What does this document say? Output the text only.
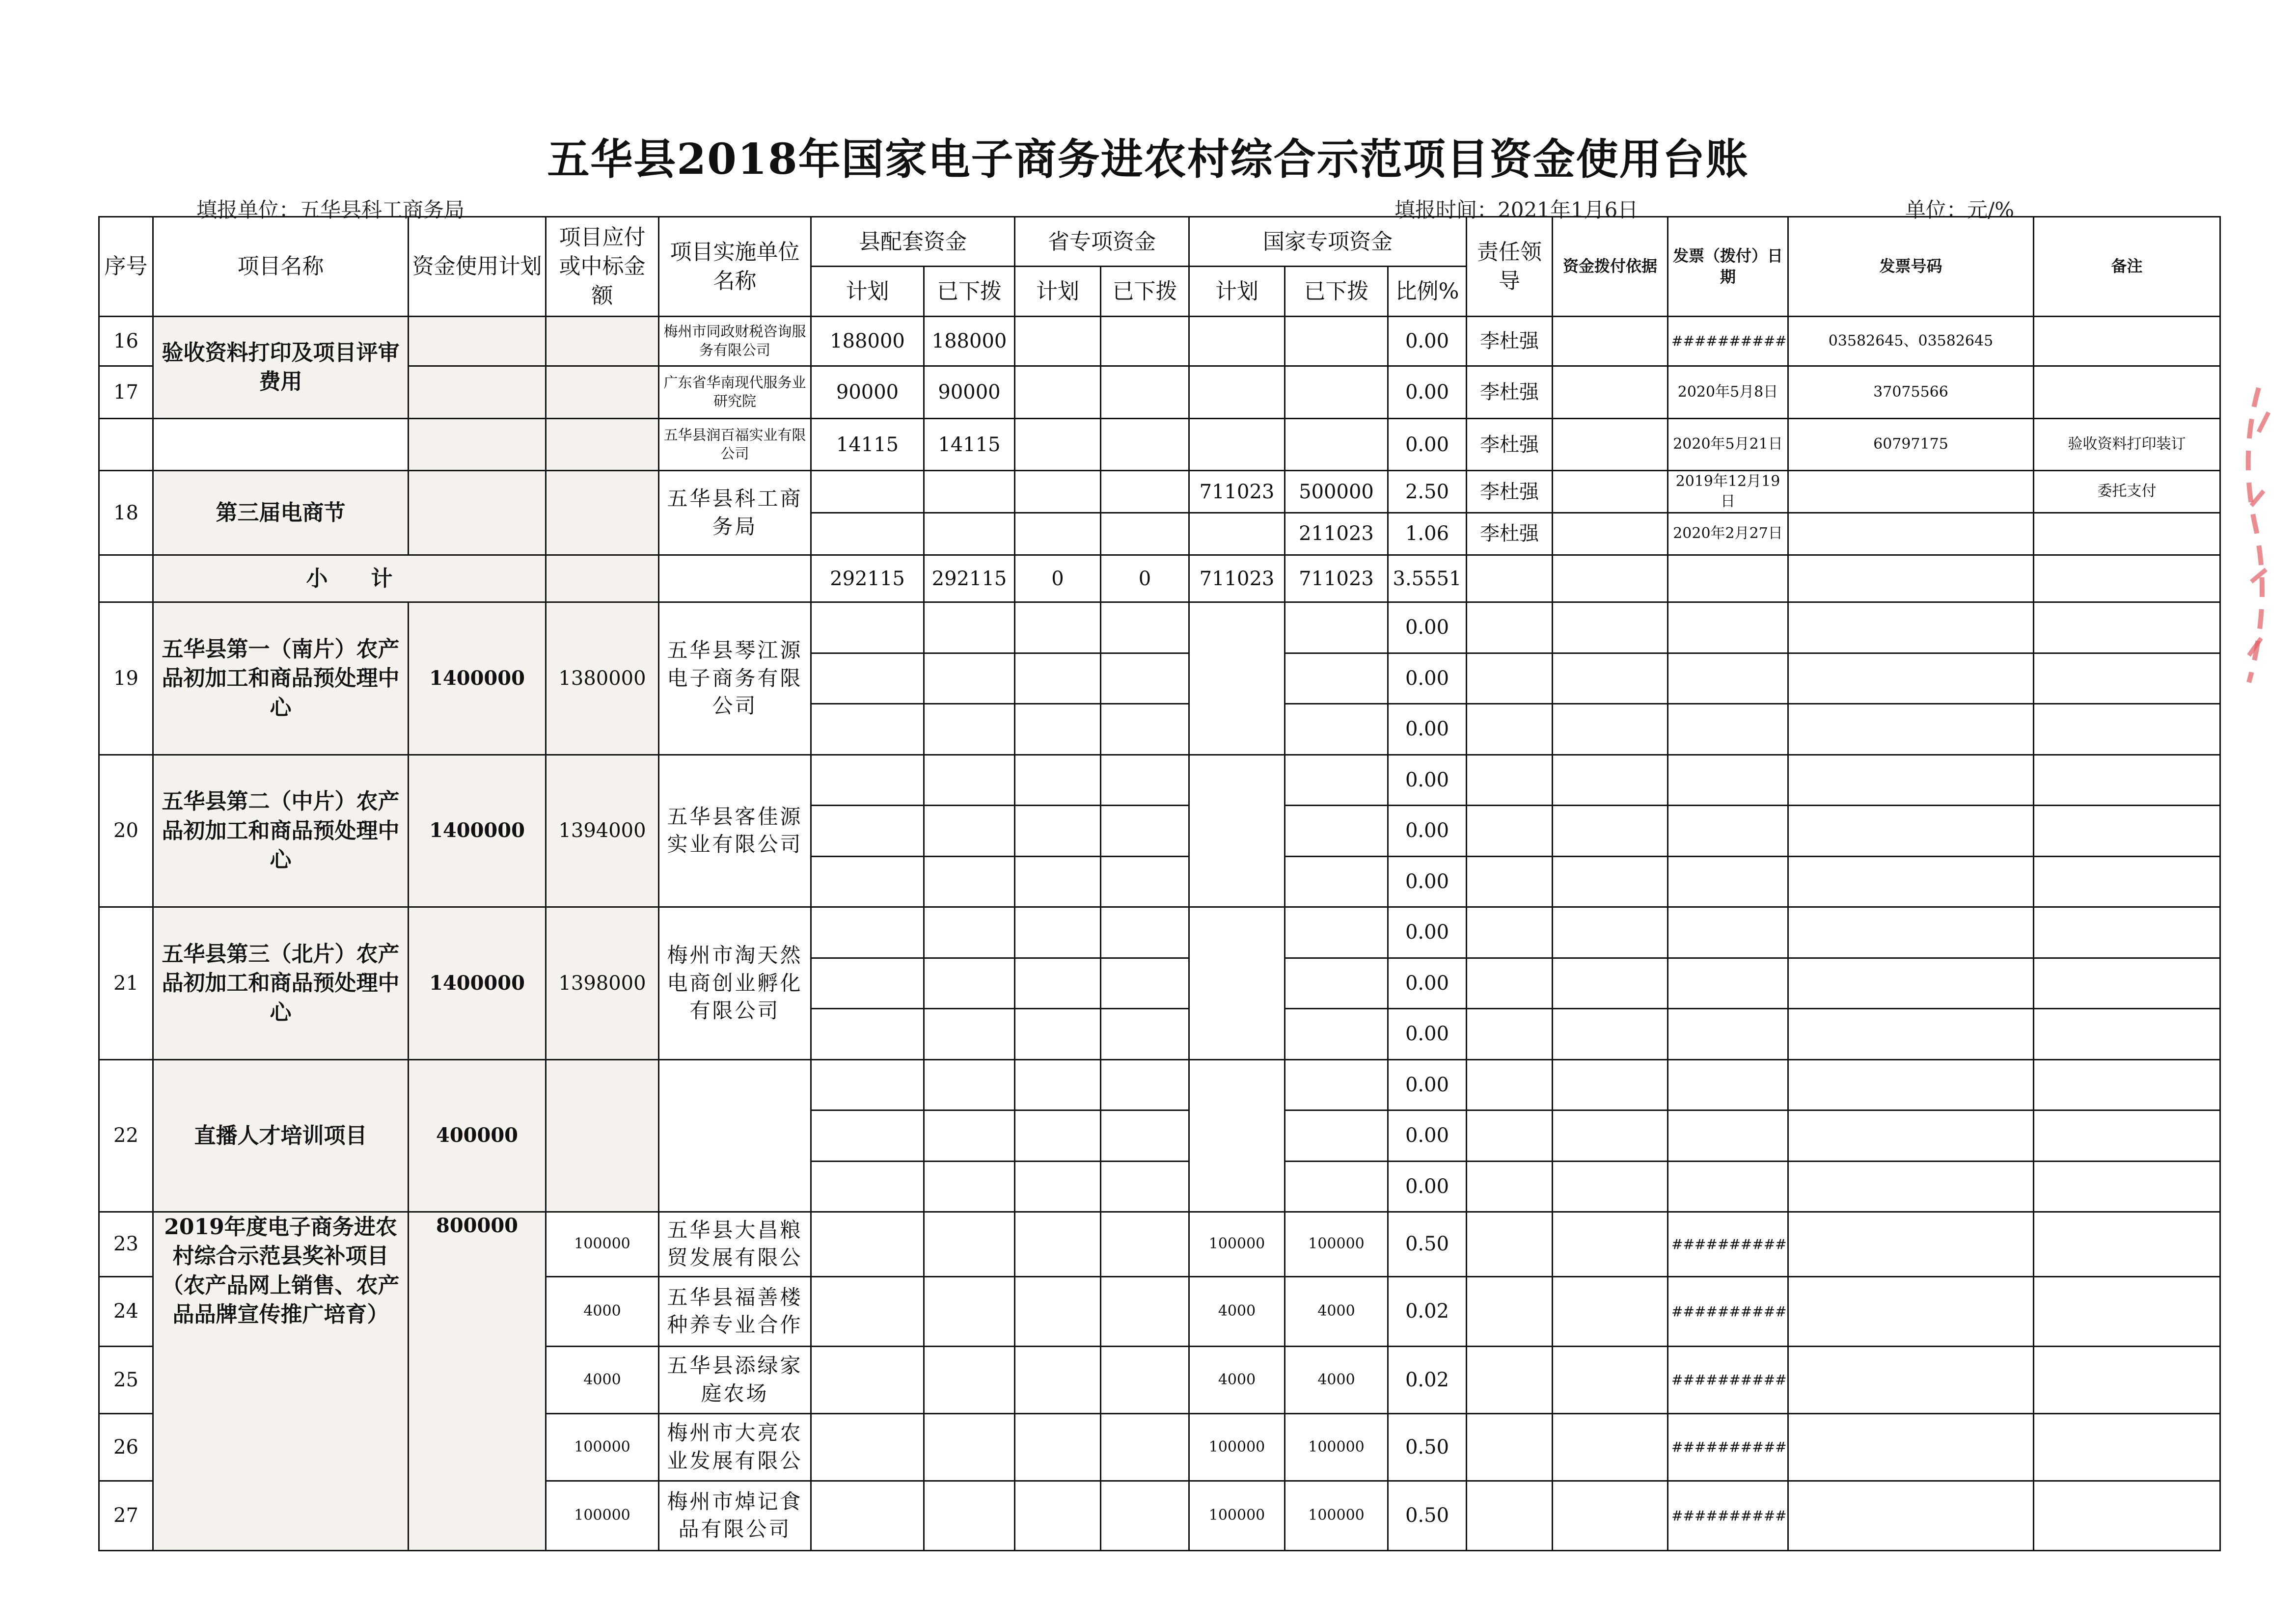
五华县2018年国家电子商务进农村综合示范项目资金使用台账
填报单位：五华县科工商务局	填报时间：2021年1月6日	单位：元/%
序号	项目名称	资金使用计划	项目应付或中标金额	项目实施单位名称	县配套资金		省专项资金		国家专项资金			责任领导	资金拨付依据	发票（拨付）日期	发票号码	备注
					计划	已下拨	计划	已下拨	计划	已下拨	比例%					
16	验收资料打印及项目评审费用			梅州市同政财税咨询服务有限公司	188000	188000					0.00	李杜强		##########	03582645、03582645	
17				广东省华南现代服务业研究院	90000	90000					0.00	李杜强		2020年5月8日	37075566	
				五华县润百福实业有限公司	14115	14115					0.00	李杜强		2020年5月21日	60797175	验收资料打印装订
18	第三届电商节			五华县科工商务局					711023	500000	2.50	李杜强		2019年12月19日		委托支付
										211023	1.06	李杜强		2020年2月27日		
	小　　计				292115	292115	0	0	711023	711023	3.5551					
19	五华县第一（南片）农产品初加工和商品预处理中心	1400000	1380000	五华县琴江源电子商务有限公司							0.00					
											0.00					
											0.00					
20	五华县第二（中片）农产品初加工和商品预处理中心	1400000	1394000	五华县客佳源实业有限公司							0.00					
											0.00					
											0.00					
21	五华县第三（北片）农产品初加工和商品预处理中心	1400000	1398000	梅州市淘天然电商创业孵化有限公司							0.00					
											0.00					
											0.00					
22	直播人才培训项目	400000									0.00					
											0.00					
											0.00					
23	2019年度电子商务进农村综合示范县奖补项目（农产品网上销售、农产品品牌宣传推广培育）	800000	100000	五华县大昌粮贸发展有限公					100000	100000	0.50			##########		
24			4000	五华县福善楼种养专业合作					4000	4000	0.02			##########		
25			4000	五华县添绿家庭农场					4000	4000	0.02			##########		
26			100000	梅州市大亮农业发展有限公					100000	100000	0.50			##########		
27			100000	梅州市焯记食品有限公司					100000	100000	0.50			##########		
